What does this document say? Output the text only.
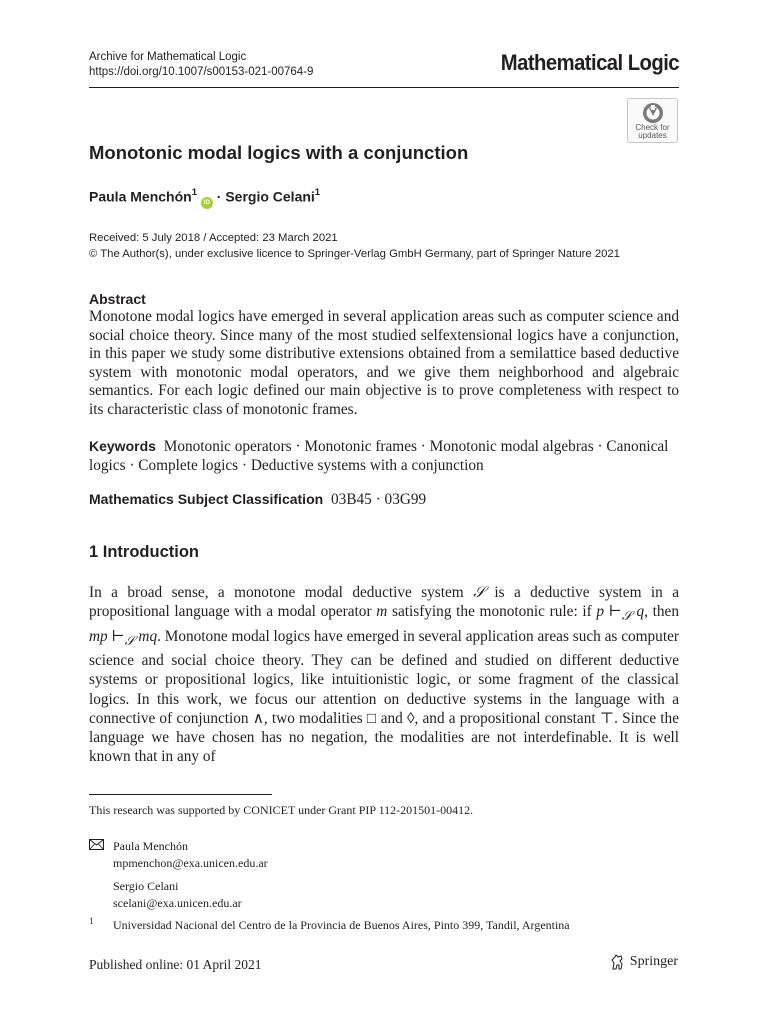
Archive for Mathematical Logic
https://doi.org/10.1007/s00153-021-00764-9	Mathematical Logic
Check for
updates
Monotonic modal logics with a conjunction
Paula Menchón$^1$ iD · Sergio Celani$^1$
Received: 5 July 2018 / Accepted: 23 March 2021
© The Author(s), under exclusive licence to Springer-Verlag GmbH Germany, part of Springer Nature 2021
Abstract
Monotone modal logics have emerged in several application areas such as computer science and social choice theory. Since many of the most studied selfextensional logics have a conjunction, in this paper we study some distributive extensions obtained from a semilattice based deductive system with monotonic modal operators, and we give them neighborhood and algebraic semantics. For each logic defined our main objective is to prove completeness with respect to its characteristic class of monotonic frames.
Keywords Monotonic operators · Monotonic frames · Monotonic modal algebras · Canonical logics · Complete logics · Deductive systems with a conjunction
Mathematics Subject Classification 03B45 · 03G99
1 Introduction
In a broad sense, a monotone modal deductive system 𝒮 is a deductive system in a propositional language with a modal operator m satisfying the monotonic rule: if p $⊢_𝒮$ q, then mp $⊢_𝒮$ mq. Monotone modal logics have emerged in several application areas such as computer science and social choice theory. They can be defined and studied on different deductive systems or propositional logics, like intuitionistic logic, or some fragment of the classical logics. In this work, we focus our attention on deductive systems in the language with a connective of conjunction ∧, two modalities □ and ◊, and a propositional constant ⊤. Since the language we have chosen has no negation, the modalities are not interdefinable. It is well known that in any of
This research was supported by CONICET under Grant PIP 112-201501-00412.
Paula Menchón
mpmenchon@exa.unicen.edu.ar
Sergio Celani
scelani@exa.unicen.edu.ar
1 Universidad Nacional del Centro de la Provincia de Buenos Aires, Pinto 399, Tandil, Argentina
Published online: 01 April 2021	Springer
